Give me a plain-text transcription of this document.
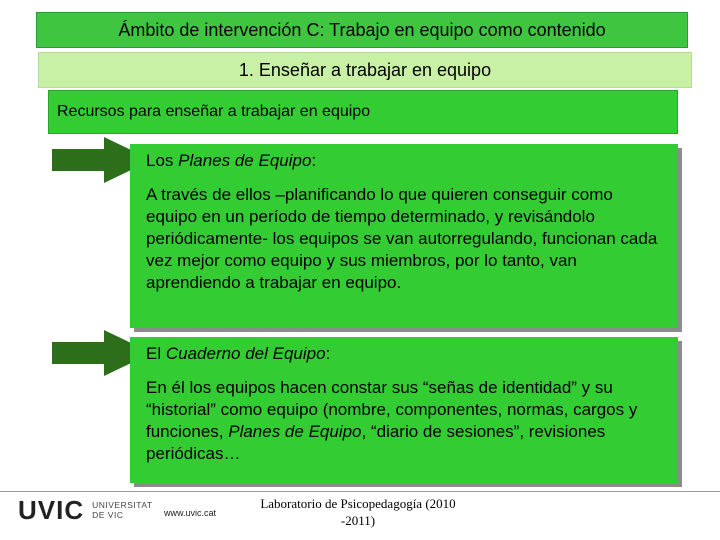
Ámbito de intervención C: Trabajo en equipo como contenido
1. Enseñar a trabajar en equipo
Recursos para enseñar a trabajar en equipo

Los Planes de Equipo:

A través de ellos –planificando lo que quieren conseguir como equipo en un período de tiempo determinado, y revisándolo periódicamente- los equipos se van autorregulando, funcionan cada vez mejor como equipo y sus miembros, por lo tanto, van aprendiendo a trabajar en equipo.

El Cuaderno del Equipo:

En él los equipos hacen constar sus “señas de identidad” y su “historial” como equipo (nombre, componentes, normas, cargos y funciones, Planes de Equipo, “diario de sesiones”, revisiones periódicas…

UVIC UNIVERSITAT
DE VIC	www.uvic.cat
Laboratorio de Psicopedagogía (2010
-2011)
